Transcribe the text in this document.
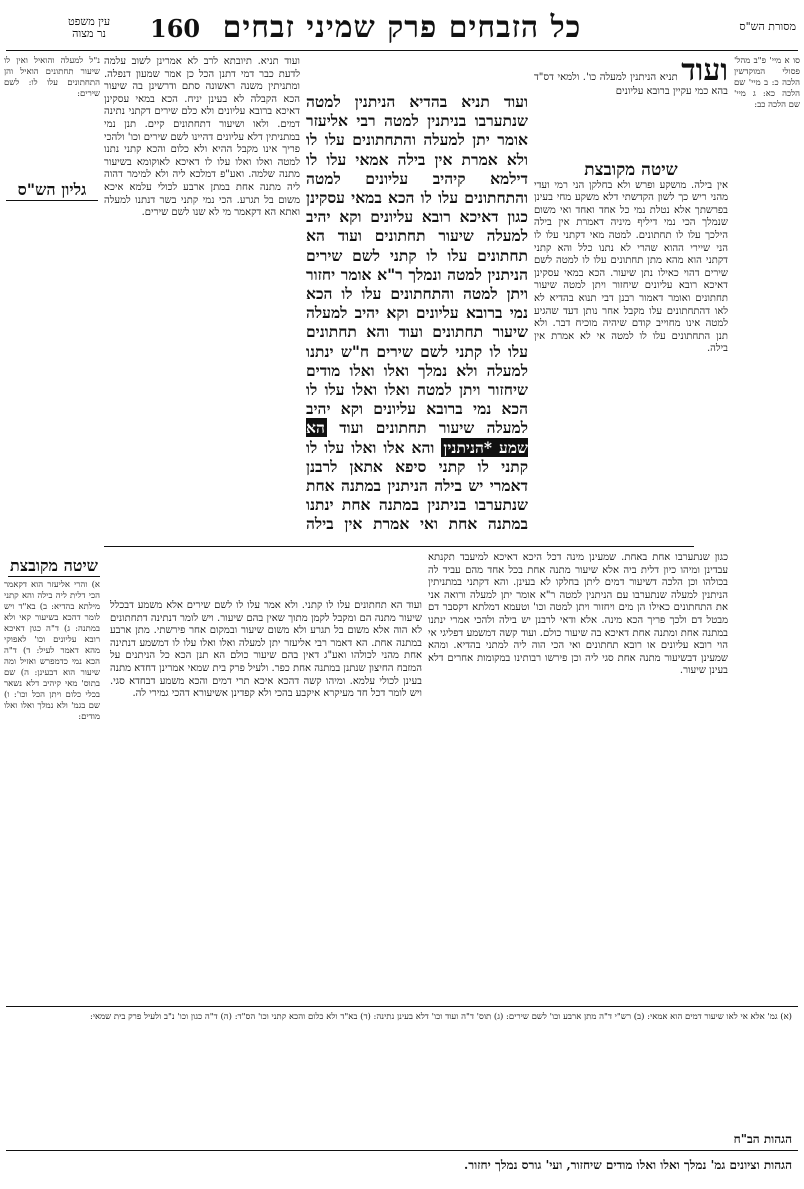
עין משפט
נר מצוה 160 כל הזבחים פרק שמיני זבחים	מסורת הש"ס
סו א מיי' פ"ב מהל' פסולי המוקדשין הלכה כ: ב מיי' שם הלכה כא: ג מיי' שם הלכה כב:
ועוד תניא הניתנין למעלה כו'. ולמאי דס"ד בהא כמי עקיין ברובא עליונים
שיטה מקובצת
אין בילה. מושקע ופרש ולא בחלקן הני רמי ועדי מהני ריש כך לשון הקדשתי דלא משקע מחי בעינן בפרשתך אלא נטלת נמי כל אחד ואחד ואי משום שנמלך הכי נמי דיליף מיניה דאמרת אין בילה הילכך עלו לו תחתונים. למטה מאי דקתני עלו לו הני שיירי ההוא שהרי לא נתנו כלל והא קתני דקתני הוא מהא מתן תחתונים עלו לו למטה לשם שירים דהוי כאילו נתן שיעור. הכא במאי עסקינן דאיכא רובא עליונים שיחזור ויתן למטה שיעור תחתונים ואומר דאמור רבנן דבי תנוא בהדיא לא לאו דהתחתונים עלו מקבל אחר נותן דעד שהגיע למטה אינו מחוייב קודם שיהיה מוכיח דבר. ולא תנן התחתונים עלו לו למטה אי לא אמרת אין בילה.
ועוד תניא בהדיא הניתנין למטה שנתערבו בניתנין למטה רבי אליעזר אומר יתן למעלה והתחתונים עלו לו ולא אמרת אין בילה אמאי עלו לו דילמא קיהיב עליונים למטה והתחתונים עלו לו הכא במאי עסקינן כגון דאיכא רובא עליונים וקא יהיב למעלה שיעור תחתונים ועוד הא תחתונים עלו לו קתני לשם שירים הניתנין למטה ונמלך ר"א אומר יחזור ויתן למטה והתחתונים עלו לו הכא נמי ברובא עליונים וקא יהיב למעלה שיעור תחתונים ועוד והא תחתונים עלו לו קתני לשם שירים ח"ש ינתנו למעלה ולא נמלך ואלו ואלו מודים שיחזור ויתן למטה ואלו ואלו עלו לו הכא נמי ברובא עליונים וקא יהיב למעלה שיעור תחתונים ועוד הא שמע *הניתנין והא אלו ואלו עלו לו קתני לו קתני סיפא אתאן לרבנן דאמרי יש בילה הניתנין במתנה אחת שנתערבו בניתנין במתנה אחת ינתנו במתנה אחת ואי אמרת אין בילה
ועוד תניא. תיובתא לרב לא אמרינן לשוב עלמה לדעת כבר דמי דתנן הכל כן אמר שמעון דנפלה. ומתניתין משנה ראשונה סתם ודרשינן בה שיעור הכא הקבלה לא בעינן יניח. הכא במאי עסקינן דאיכא ברובא עליונים ולא כלם שירים דקתני נתינה דמים. ולאו ושיעור דתחתונים קיים. תנן נמי במתניתין דלא עליונים דהיינו לשם שירים וכו' ולהכי פריך אינו מקבל ההיא ולא כלום והכא קתני נתנו למטה ואלו ואלו עלו לו דאיכא לאוקומא בשיעור מתנה שלמה. ואע"פ דמלכא ליה ולא למימר דהוה ליה מתנה אחת במתן ארבע לכולי עלמא איכא משום בל תגרע. הכי נמי קתני בשר דנתנו למעלה ואתא הא דקאמר מי לא שנו לשם שירים.
נ"ל למעלה והואיל ואין לו שיעור תחתונים הואיל והן התחתונים עלו לו: לשם שירים:
גליון הש"ס
כגון שנתערבו אחת באחת. שמעינן מינה דכל היכא דאיכא למיעבד תקנתא עבדינן ומיהו כיון דלית ביה אלא שיעור מתנה אחת בכל אחד מהם עביד לה בכולהו וכן הלכה דשיעור דמים ליתן בחלקו לא בעינן. והא דקתני במתניתין הניתנין למעלה שנתערבו עם הניתנין למטה ר"א אומר יתן למעלה ורואה אני את התחתונים כאילו הן מים ויחזור ויתן למטה וכו' וטעמא דמלתא דקסבר דם מבטל דם ולכך פריך הכא מינה. אלא ודאי לרבנן יש בילה ולהכי אמרי ינתנו במתנה אחת ומתנה אחת דאיכא בה שיעור כולם. ועוד קשה דמשמע דפליגי אי הוי רובא עליונים או רובא תחתונים ואי הכי הוה ליה למתני בהדיא. ומהא שמעינן דבשיעור מתנה אחת סגי ליה וכן פירשו רבותינו במקומות אחרים דלא בעינן שיעור.
ועוד הא תחתונים עלו לו קתני. ולא אמר עלו לו לשם שירים אלא משמע דבכלל שיעור מתנה הם ומקבל לקמן מתוך שאין בהם שיעור. ויש לומר דנתינה דתחתונים לא הוה אלא משום בל תגרע ולא משום שיעור ובמקום אחר פירשתי. מתן ארבע במתנה אחת. הא דאמר רבי אליעזר יתן למעלה ואלו ואלו עלו לו דמשמע דנתינה אחת מהני לכולהו ואע"ג דאין בהם שיעור כולם הא תנן הכא כל הניתנים על המזבח החיצון שנתנן במתנה אחת כפר. ולעיל פרק בית שמאי אמרינן דחדא מתנה בעינן לכולי עלמא. ומיהו קשה דהכא איכא תרי דמים והכא משמע דבחדא סגי. ויש לומר דכל חד מעיקרא איקבע בהכי ולא קפדינן אשיעורא דהכי גמירי לה.
שיטה מקובצת
א) והרי אליעזר הוא דקאמר הכי דלית ליה בילה והא קתני מילתא בהדיא: ב) בא"ד ויש לומר דהכא בשיעור קאי ולא במתנה: ג) ד"ה כגון דאיכא רובא עליונים וכו' לאפוקי מהא דאמר לעיל: ד) ד"ה הכא נמי כדמפרש ואזיל ומה שיעור הוא דבעינן: ה) שם בתוס' מאי קיהיב דלא נשאר בכלי כלום ויתן הכל וכו': ו) שם בגמ' ולא נמלך ואלו ואלו מודים:
הגהות הב"ח
(א) גמ' אלא אי לאו שיעור דמים הוא אמאי: (ב) רש"י ד"ה מתן ארבע וכו' לשם שירים: (ג) תוס' ד"ה ועוד וכו' דלא בעינן נתינה: (ד) בא"ד ולא כלום והכא קתני וכו' הס"ד: (ה) ד"ה כגון וכו' נ"ב ולעיל פרק בית שמאי:
הגהות וציונים גמ' נמלך ואלו ואלו מודים שיחזור, ועי' גורס נמלך יחזור.
